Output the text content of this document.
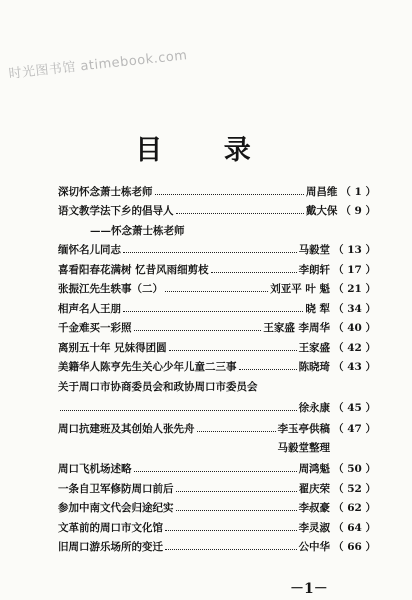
时光图书馆 atimebook.com
目 录
深切怀念萧士栋老师	周昌维 （ 1 ）
语文教学法下乡的倡导人	戴大保 （ 9 ）
——怀念萧士栋老师
缅怀名儿同志	马毅堂 （ 13 ）
喜看阳春花满树 忆昔风雨细剪枝	李朗轩 （ 17 ）
张振江先生轶事（二）	刘亚平 叶 魁 （ 21 ）
相声名人王朋	晓 犁 （ 34 ）
千金难买一彩照	王家盛 李周华 （ 40 ）
离别五十年 兄妹得团圆	王家盛 （ 42 ）
美籍华人陈亨先生关心少年儿童二三事	陈晓琦 （ 43 ）
关于周口市协商委员会和政协周口市委员会
徐永康 （ 45 ）
周口抗建班及其创始人张先舟	李玉亭供稿 （ 47 ）
马毅堂整理
周口飞机场述略	周鸿魁 （ 50 ）
一条自卫军修防周口前后	翟庆荣 （ 52 ）
参加中南文代会归途纪实	李叔豪 （ 62 ）
文革前的周口市文化馆	李灵淑 （ 64 ）
旧周口游乐场所的变迁	公中华 （ 66 ）
－1－
